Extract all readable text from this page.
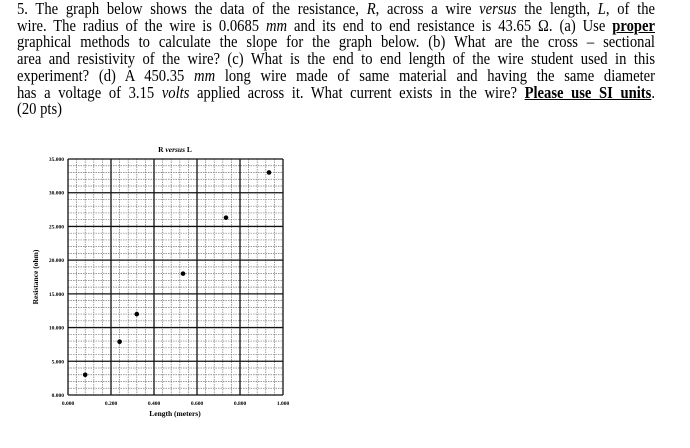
5. The graph below shows the data of the resistance, R, across a wire versus the length, L, of the
wire. The radius of the wire is 0.0685 mm and its end to end resistance is 43.65 Ω. (a) Use proper
graphical methods to calculate the slope for the graph below. (b) What are the cross – sectional
area and resistivity of the wire? (c) What is the end to end length of the wire student used in this
experiment? (d) A 450.35 mm long wire made of same material and having the same diameter
has a voltage of 3.15 volts applied across it. What current exists in the wire? Please use SI units.
(20 pts)
0.000	0.200	0.400	0.600	0.800	1.000
0.000
5.000
10.000
15.000
20.000
25.000
30.000
35.000
R versus L
Length (meters)
Resistance (ohm)
